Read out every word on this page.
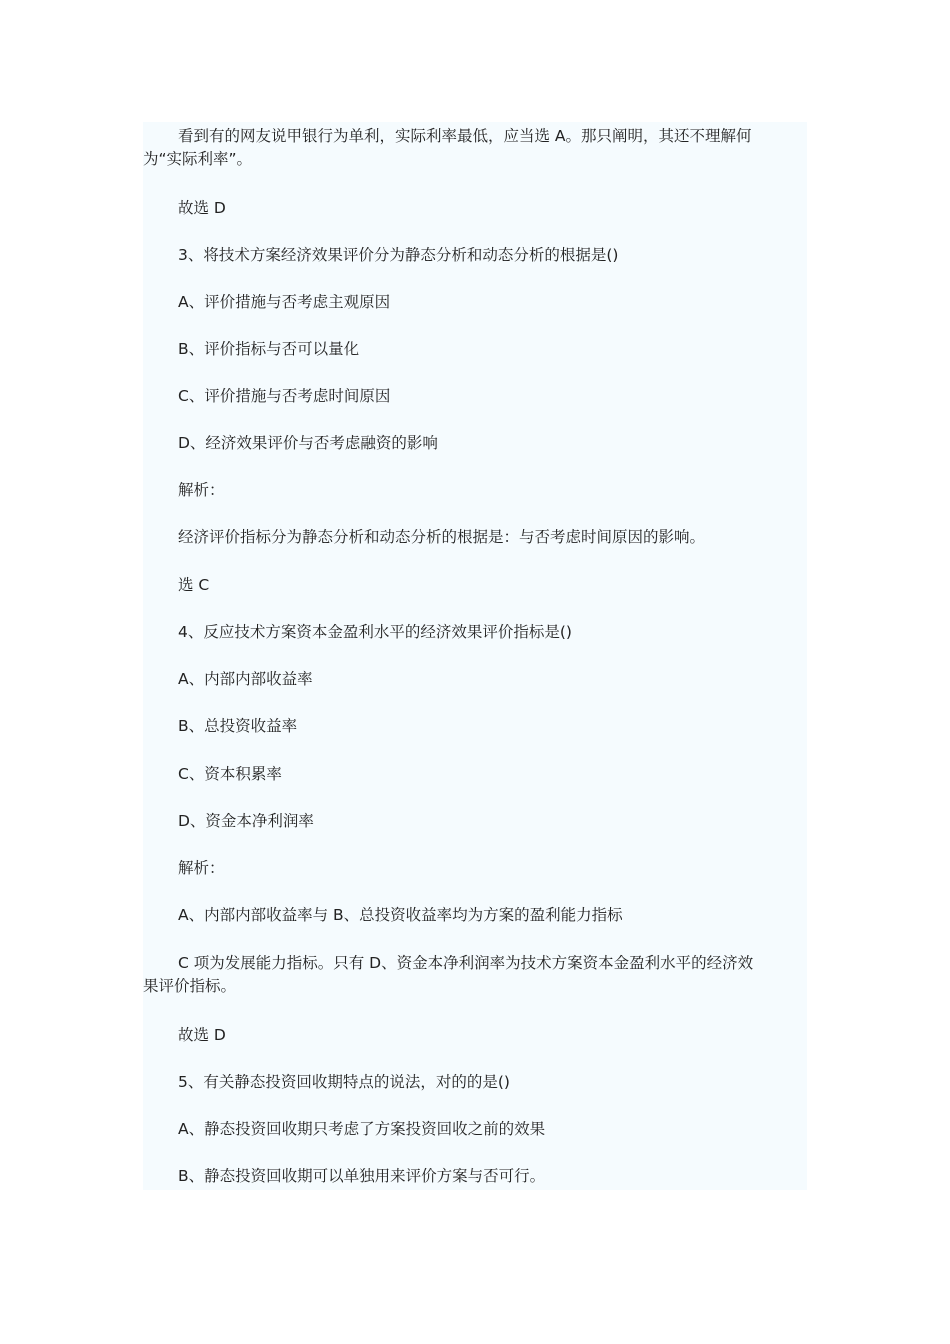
看到有的网友说甲银行为单利，实际利率最低，应当选 A。那只阐明，其还不理解何
为“实际利率”。

故选 D

3、将技术方案经济效果评价分为静态分析和动态分析的根据是()

A、评价措施与否考虑主观原因

B、评价指标与否可以量化

C、评价措施与否考虑时间原因

D、经济效果评价与否考虑融资的影响

解析：

经济评价指标分为静态分析和动态分析的根据是：与否考虑时间原因的影响。

选 C

4、反应技术方案资本金盈利水平的经济效果评价指标是()

A、内部内部收益率

B、总投资收益率

C、资本积累率

D、资金本净利润率

解析：

A、内部内部收益率与 B、总投资收益率均为方案的盈利能力指标

C 项为发展能力指标。只有 D、资金本净利润率为技术方案资本金盈利水平的经济效
果评价指标。

故选 D

5、有关静态投资回收期特点的说法，对的的是()

A、静态投资回收期只考虑了方案投资回收之前的效果

B、静态投资回收期可以单独用来评价方案与否可行。
